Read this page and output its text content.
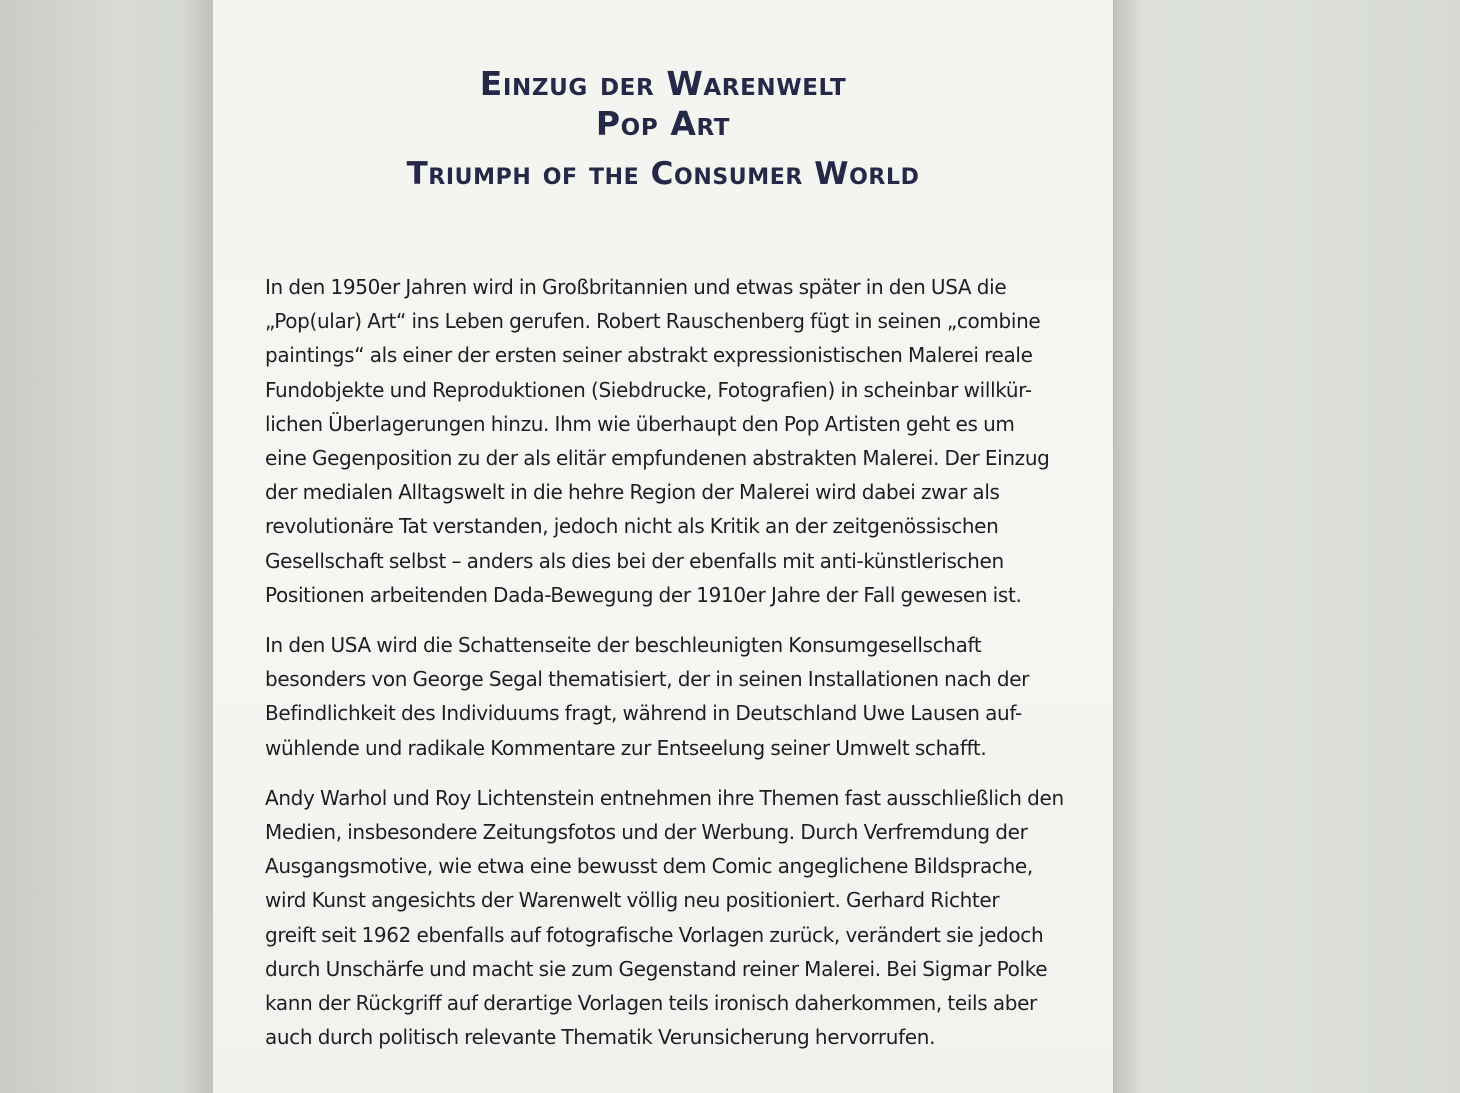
Einzug der Warenwelt
Pop Art
Triumph of the Consumer World
In den 1950er Jahren wird in Großbritannien und etwas später in den USA die
„Pop(ular) Art“ ins Leben gerufen. Robert Rauschenberg fügt in seinen „combine
paintings“ als einer der ersten seiner abstrakt expressionistischen Malerei reale
Fundobjekte und Reproduktionen (Siebdrucke, Fotografien) in scheinbar willkür-
lichen Überlagerungen hinzu. Ihm wie überhaupt den Pop Artisten geht es um
eine Gegenposition zu der als elitär empfundenen abstrakten Malerei. Der Einzug
der medialen Alltagswelt in die hehre Region der Malerei wird dabei zwar als
revolutionäre Tat verstanden, jedoch nicht als Kritik an der zeitgenössischen
Gesellschaft selbst – anders als dies bei der ebenfalls mit anti-künstlerischen
Positionen arbeitenden Dada-Bewegung der 1910er Jahre der Fall gewesen ist.
In den USA wird die Schattenseite der beschleunigten Konsumgesellschaft
besonders von George Segal thematisiert, der in seinen Installationen nach der
Befindlichkeit des Individuums fragt, während in Deutschland Uwe Lausen auf-
wühlende und radikale Kommentare zur Entseelung seiner Umwelt schafft.
Andy Warhol und Roy Lichtenstein entnehmen ihre Themen fast ausschließlich den
Medien, insbesondere Zeitungsfotos und der Werbung. Durch Verfremdung der
Ausgangsmotive, wie etwa eine bewusst dem Comic angeglichene Bildsprache,
wird Kunst angesichts der Warenwelt völlig neu positioniert. Gerhard Richter
greift seit 1962 ebenfalls auf fotografische Vorlagen zurück, verändert sie jedoch
durch Unschärfe und macht sie zum Gegenstand reiner Malerei. Bei Sigmar Polke
kann der Rückgriff auf derartige Vorlagen teils ironisch daherkommen, teils aber
auch durch politisch relevante Thematik Verunsicherung hervorrufen.
